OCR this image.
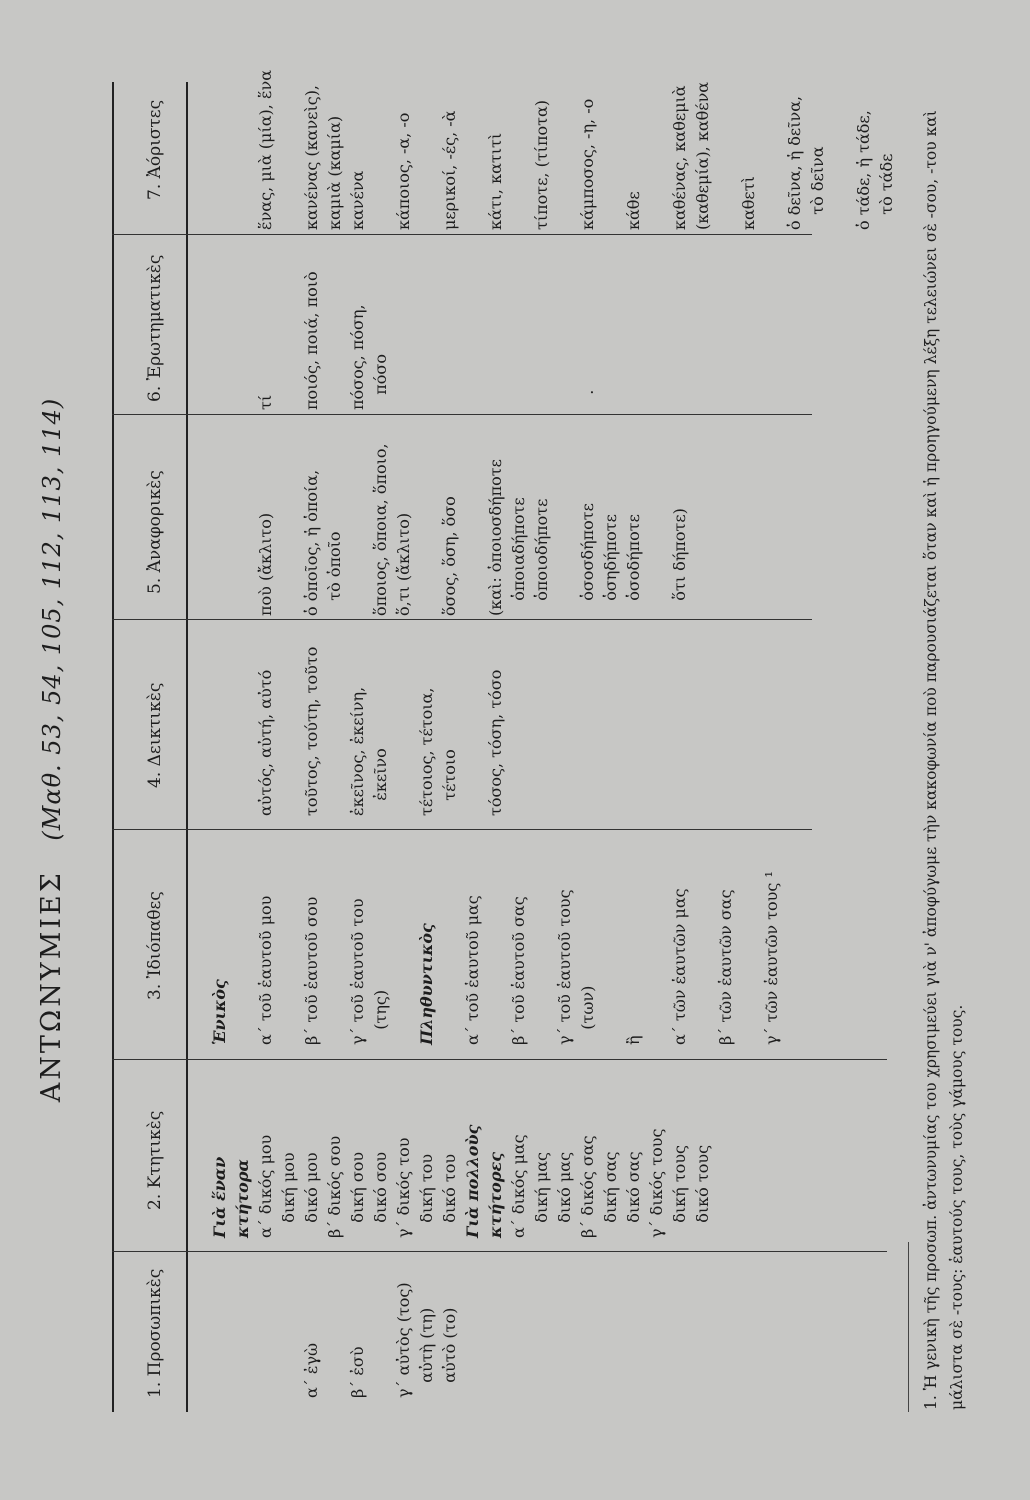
ΑΝΤΩΝΥΜΙΕΣ (Μαθ. 53, 54, 105, 112, 113, 114)
1. Προσωπικὲς
2. Κτητικὲς
3. Ἰδιόπαθες
4. Δεικτικὲς
5. Ἀναφορικὲς
6. Ἐρωτηματικὲς
7. Ἀόριστες
α΄ ἐγὼ β΄ ἐσὺ γ΄ αὐτὸς (τος) αὐτὴ (τη) αὐτὸ (το)
Γιὰ ἕναν κτήτορα α΄ δικός μου δική μου δικό μου β΄ δικός σου δική σου δικό σου γ΄ δικός του δική του δικό του Γιὰ πολλοὺς κτήτορες α΄ δικός μας δική μας δικό μας β΄ δικός σας δική σας δικό σας γ΄ δικός τους δική τους δικό τους
Ἑνικὸς α΄ τοῦ ἑαυτοῦ μου β΄ τοῦ ἑαυτοῦ σου γ΄ τοῦ ἑαυτοῦ του (της) Πληθυντικὸς α΄ τοῦ ἑαυτοῦ μας β΄ τοῦ ἑαυτοῦ σας γ΄ τοῦ ἑαυτοῦ τους (των) ἢ α΄ τῶν ἑαυτῶν μας β΄ τῶν ἑαυτῶν σας γ΄ τῶν ἑαυτῶν τους ¹
αὐτός, αὐτή, αὐτό τοῦτος, τούτη, τοῦτο ἐκεῖνος, ἐκείνη, ἐκεῖνο τέτοιος, τέτοια, τέτοιο τόσος, τόση, τόσο
ποὺ (ἄκλιτο) ὁ ὁποῖος, ἡ ὁποία, τὸ ὁποῖο ὅποιος, ὅποια, ὅποιο, ὅ,τι (ἄκλιτο) ὅσος, ὅση, ὅσο (καὶ: ὁποιοσδήποτε ὁποιαδήποτε ὁποιοδήποτε ὁσοσδήποτε ὁσηδήποτε ὁσοδήποτε ὅτι δήποτε)
τί ποιός, ποιά, ποιὸ πόσος, πόση, πόσο	.
ἕνας, μιὰ (μία), ἕνα κανένας (κανεὶς), καμιὰ (καμία) κανένα κάποιος, -α, -ο μερικοί, -ές, -ὰ κάτι, κατιτὶ τίποτε, (τίποτα) κάμποσος, -η, -ο κάθε καθένας, καθεμιὰ (καθεμία), καθένα καθετὶ ὁ δεῖνα, ἡ δεῖνα, τὸ δεῖνα ὁ τάδε, ἡ τάδε, τὸ τάδε 1. Ἡ γενικὴ τῆς προσωπ. ἀντωνυμίας του χρησιμεύει γιὰ ν' ἀποφύγωμε τὴν κακοφωνία ποὺ παρουσιάζεται ὅταν καὶ ἡ προηγούμενη λέξη τελειώνει σὲ -σου, -του καὶ μάλιστα σὲ -τους: ἑαυτούς τους, τοὺς γάμους τους.
